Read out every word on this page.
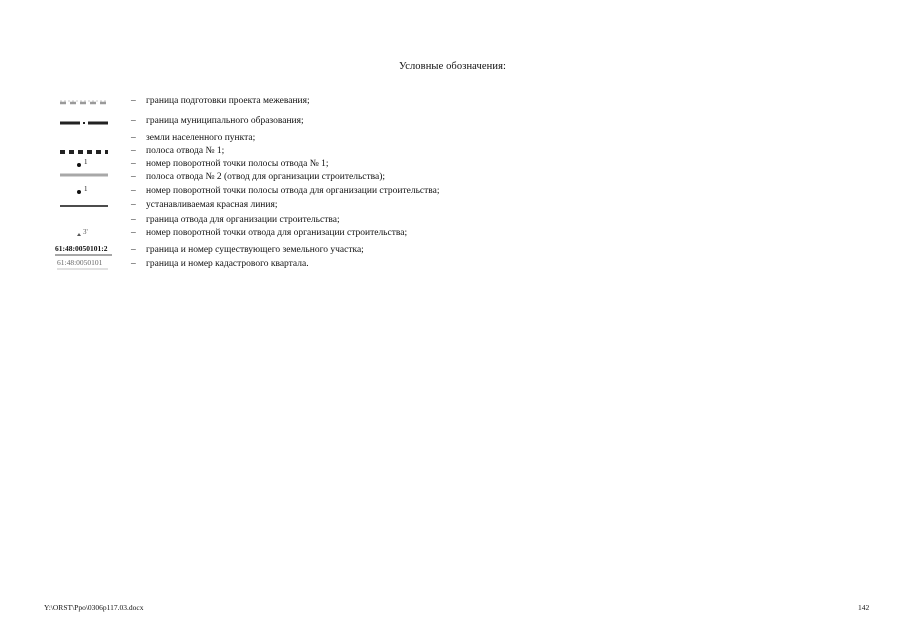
Условные обозначения:
– граница подготовки проекта межевания;
– граница муниципального образования;
– земли населенного пункта;
– полоса отвода № 1;
1	– номер поворотной точки полосы отвода № 1;
– полоса отвода № 2 (отвод для организации строительства);
1	– номер поворотной точки полосы отвода для организации строительства;
– устанавливаемая красная линия;
– граница отвода для организации строительства;
3'	– номер поворотной точки отвода для организации строительства;
61:48:0050101:2 – граница и номер существующего земельного участка;
61:48:0050101	– граница и номер кадастрового квартала.
Y:\ORST\Ppo\0306p117.03.docx	142
